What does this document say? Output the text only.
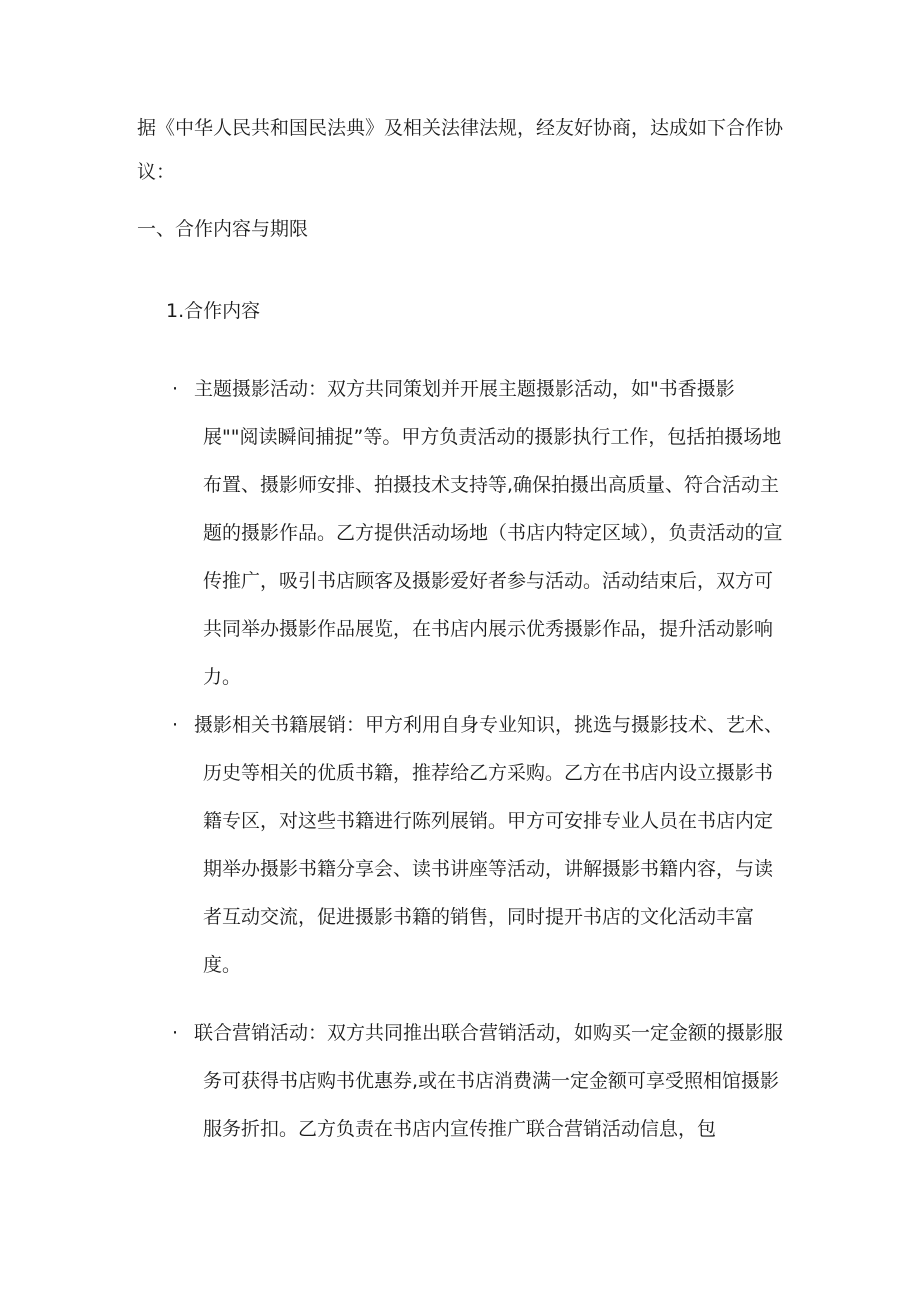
据《中华人民共和国民法典》及相关法律法规，经友好协商，达成如下合作协议：

一、合作内容与期限
1.合作内容
· 主题摄影活动：双方共同策划并开展主题摄影活动，如"书香摄影展""阅读瞬间捕捉”等。甲方负责活动的摄影执行工作，包括拍摄场地布置、摄影师安排、拍摄技术支持等,确保拍摄出高质量、符合活动主题的摄影作品。乙方提供活动场地（书店内特定区域），负责活动的宣传推广，吸引书店顾客及摄影爱好者参与活动。活动结束后，双方可共同举办摄影作品展览，在书店内展示优秀摄影作品，提升活动影响力。
· 摄影相关书籍展销：甲方利用自身专业知识，挑选与摄影技术、艺术、历史等相关的优质书籍，推荐给乙方采购。乙方在书店内设立摄影书籍专区，对这些书籍进行陈列展销。甲方可安排专业人员在书店内定期举办摄影书籍分享会、读书讲座等活动，讲解摄影书籍内容，与读者互动交流，促进摄影书籍的销售，同时提开书店的文化活动丰富度。
· 联合营销活动：双方共同推出联合营销活动，如购买一定金额的摄影服务可获得书店购书优惠券,或在书店消费满一定金额可享受照相馆摄影服务折扣。乙方负责在书店内宣传推广联合营销活动信息，包
